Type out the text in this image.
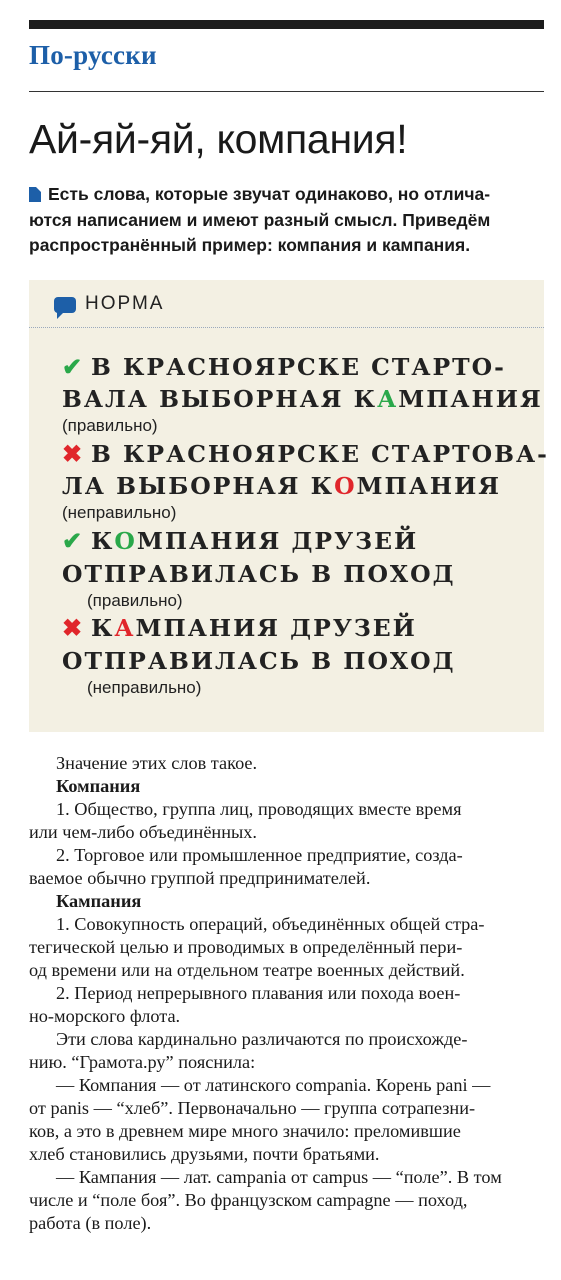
По-русски
Ай-яй-яй, компания!
Есть слова, которые звучат одинаково, но отлича-
ются написанием и имеют разный смысл. Приведём
распространённый пример: компания и кампания.
НОРМА
✔ В КРАСНОЯРСКЕ СТАРТО-
ВАЛА ВЫБОРНАЯ КАМПАНИЯ
(правильно)
✖ В КРАСНОЯРСКЕ СТАРТОВА-
ЛА ВЫБОРНАЯ КОМПАНИЯ
(неправильно)
✔ КОМПАНИЯ ДРУЗЕЙ
ОТПРАВИЛАСЬ В ПОХОД
(правильно)
✖ КАМПАНИЯ ДРУЗЕЙ
ОТПРАВИЛАСЬ В ПОХОД
(неправильно)

Значение этих слов такое.

Компания

1. Общество, группа лиц, проводящих вместе время

или чем-либо объединённых.

2. Торговое или промышленное предприятие, созда-

ваемое обычно группой предпринимателей.

Кампания

1. Совокупность операций, объединённых общей стра-

тегической целью и проводимых в определённый пери-

од времени или на отдельном театре военных действий.

2. Период непрерывного плавания или похода воен-

но-морского флота.

Эти слова кардинально различаются по происхожде-

нию. “Грамота.ру” пояснила:

— Компания — от латинского companiа. Корень pani —

от panis — “хлеб”. Первоначально — группа сотрапезни-

ков, а это в древнем мире много значило: преломившие

хлеб становились друзьями, почти братьями.

— Кампания — лат. campania от campus — “поле”. В том

числе и “поле боя”. Во французском campagne — поход,

работа (в поле).
